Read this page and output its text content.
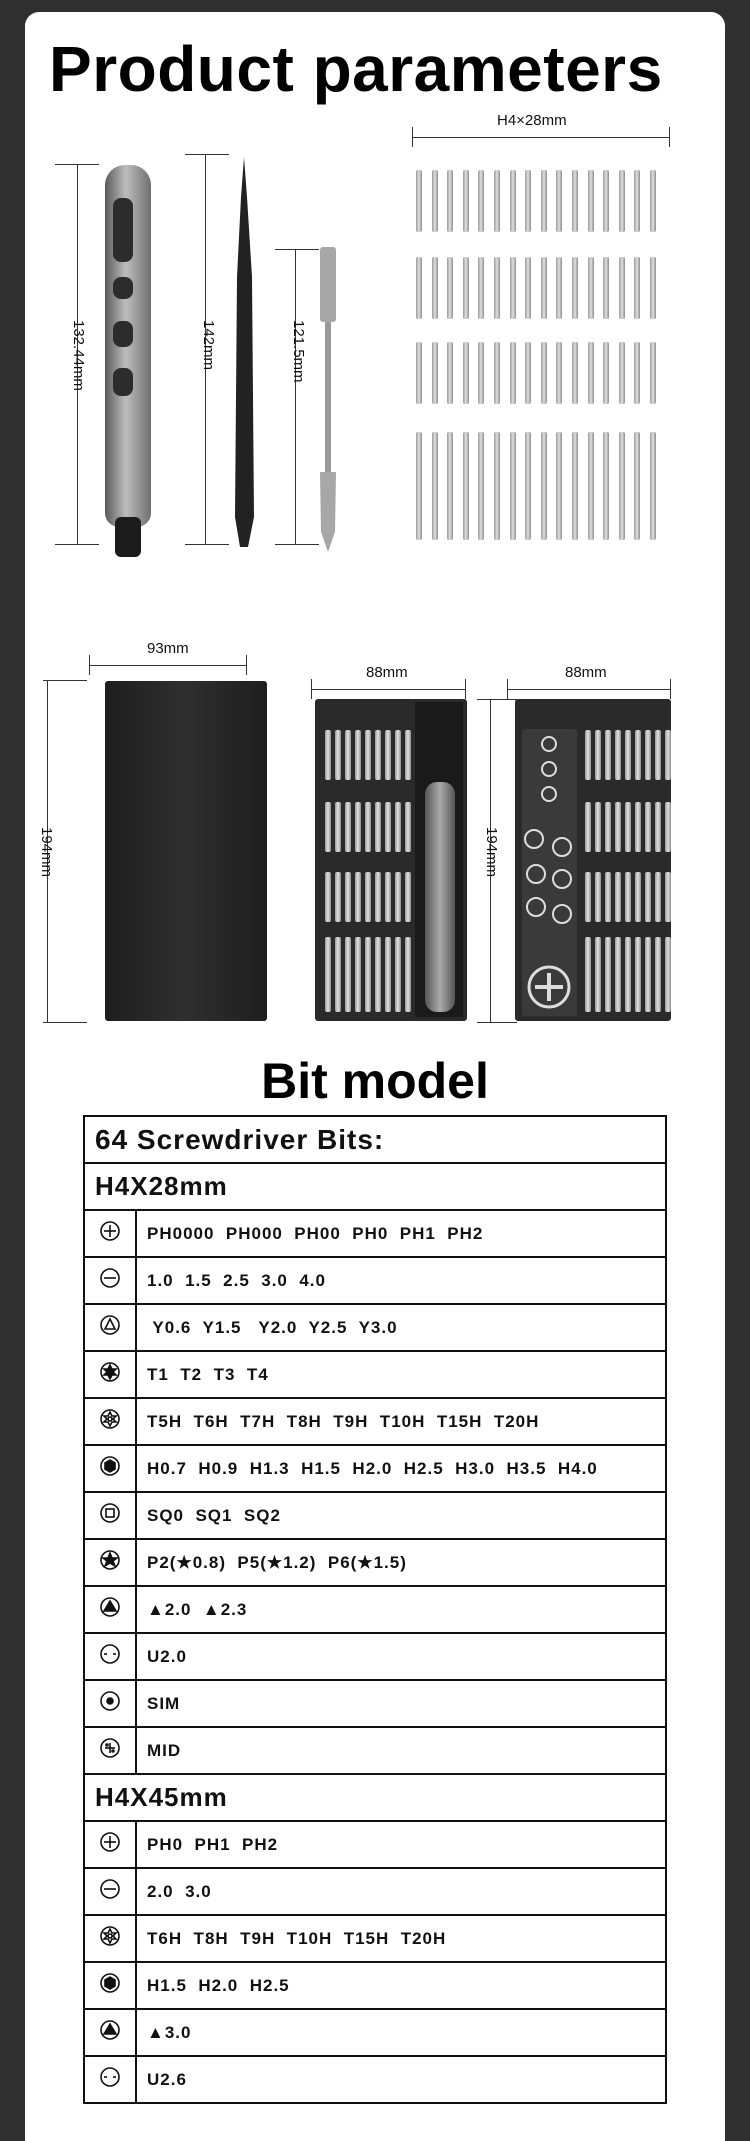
Product parameters
132.44mm	142mm	121.5mm
H4×28mm
93mm
194mm
88mm	88mm
194mm
Bit model
64 Screwdriver Bits:	
H4X28mm	
	PH0000  PH000  PH00  PH0  PH1  PH2
	1.0  1.5  2.5  3.0  4.0
	Y0.6  Y1.5   Y2.0  Y2.5  Y3.0
	T1  T2  T3  T4
	T5H  T6H  T7H  T8H  T9H  T10H  T15H  T20H
	H0.7  H0.9  H1.3  H1.5  H2.0  H2.5  H3.0  H3.5  H4.0
	SQ0  SQ1  SQ2
	P2(★0.8)  P5(★1.2)  P6(★1.5)
	▲2.0  ▲2.3
	U2.0
	SIM
	MID
H4X45mm	
	PH0  PH1  PH2
	2.0  3.0
	T6H  T8H  T9H  T10H  T15H  T20H
	H1.5  H2.0  H2.5
	▲3.0
	U2.6
